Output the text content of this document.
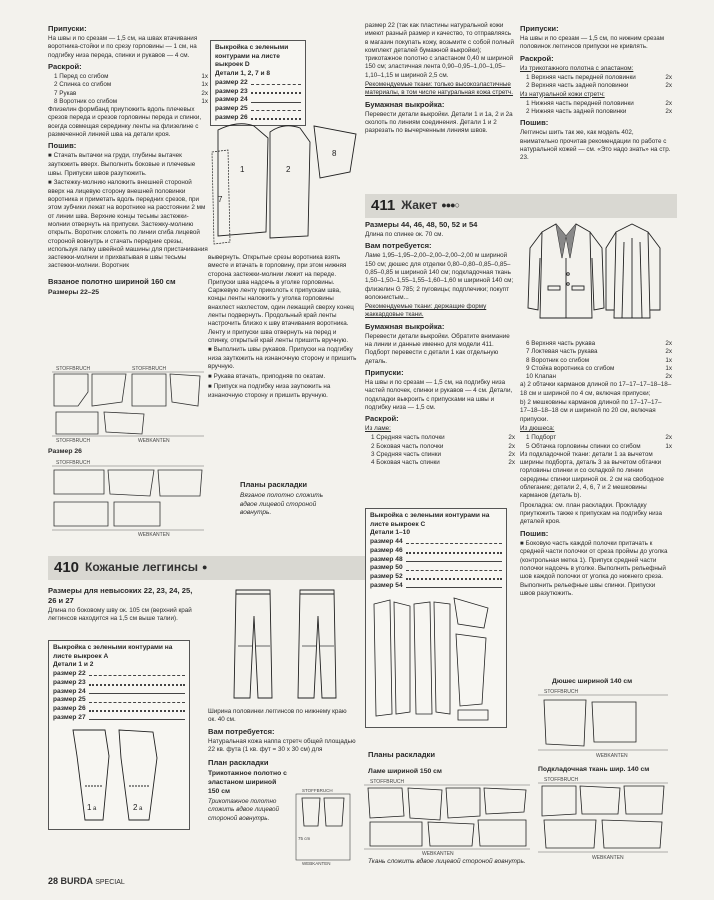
Припуски:
На швы и по срезам — 1,5 см, на швах втачивания воротника-стойки и по срезу горловины — 1 см, на подгибку низа переда, спинки и рукавов — 4 см.
Раскрой:
1 Перед со сгибом	1х
2 Спинка со сгибом	1х
7 Рукав	2х
8 Воротник со сгибом	1х
Флизелин формбанд приутюжить вдоль плечевых срезов переда и срезов горловины переда и спинки, всегда совмещая серединку ленты на флизелине с размеченной линией шва на детали кроя.
Пошив:
■ Стачать вытачки на груди, глубины вытачек заутюжить вверх. Выполнить боковые и плечевые швы. Припуски швов разутюжить.
■ Застежку-молнию наложить внешней стороной вверх на лицевую сторону внешней половинки воротника и приметать вдоль передних срезов, при этом зубчики лежат на воротнике на расстоянии 2 мм от линии шва. Верхние концы тесьмы застежки-молнии отвернуть на припуски. Застежку-молнию открыть. Воротник сложить по линии сгиба лицевой стороной вовнутрь и стачать передние срезы, используя лапку швейной машины для пристачивания застежки-молнии и прихватывая в швы тесьмы застежки-молнии. Воротник
Вязаное полотно шириной 160 см
Размеры 22–25
STOFFBRUCH	STOFFBRUCH
STOFFBRUCH	WEBKANTEN
Размер 26
STOFFBRUCH
WEBKANTEN
Выкройка с зелеными контурами на листе выкроек D
Детали 1, 2, 7 и 8
размер 22
размер 23
размер 24
размер 25
размер 26
1	2
8
7
вывернуть. Открытые срезы воротника взять вместе и втачать в горловину, при этом нижняя сторона застежки-молнии лежит на переде. Припуски шва надсечь в уголке горловины. Саржевую ленту приколоть к припускам шва, концы ленты наложить у уголка горловины внахлест нахлестом, один лежащий сверху конец ленты подвернуть. Продольный край ленты настрочить близко к шву втачивания воротника. Ленту и припуски шва отвернуть на перед и спинку, открытый край ленты пришить вручную.
■ Выполнить швы рукавов. Припуски на подгибку низа заутюжить на изнаночную сторону и пришить вручную.
■ Рукава втачать, приподняв по окатам.
■ Припуск на подгибку низа заутюжить на изнаночную сторону и пришить вручную.
Планы раскладки
Вязаное полотно сложить вдвое лицевой стороной вовнутрь.
размер 22 (так как пластины натуральной кожи имеют разный размер и качество, то отправляясь в магазин покупать кожу, возьмите с собой полный комплект деталей бумажной выкройки); трикотажное полотно с эластаном 0,40 м шириной 150 см; эластичная лента 0,90–0,95–1,00–1,05–1,10–1,15 м шириной 2,5 см.
Рекомендуемые ткани: только высокоэластичные материалы, в том числе натуральная кожа стретч.
Бумажная выкройка:
Перевести детали выкройки. Детали 1 и 1а, 2 и 2а сколоть по линиям соединения. Детали 1 и 2 разрезать по вычерченным линиям швов.
Припуски:
На швы и по срезам — 1,5 см, по нижним срезам половинок леггинсов припуски не кривлять.
Раскрой:
Из трикотажного полотна с эластаном:
1 Верхняя часть передней половинки	2х
2 Верхняя часть задней половинки	2х
Из натуральной кожи стретч:
1 Нижняя часть передней половинки	2х
2 Нижняя часть задней половинки	2х
Пошив:
Леггинсы шить так же, как модель 402, внимательно прочитав рекомендации по работе с натуральной кожей — см. «Это надо знать» на стр. 23.
411 Жакет ●●●○
Размеры 44, 46, 48, 50, 52 и 54
Длина по спинке ок. 70 см.
Вам потребуется:
Ламе 1,95–1,95–2,00–2,00–2,00–2,00 м шириной 150 см; дюшес для отделки 0,80–0,80–0,85–0,85–0,85–0,85 м шириной 140 см; подкладочная ткань 1,50–1,50–1,55–1,55–1,60–1,60 м шириной 140 см; флизелин G 785; 2 пуговицы; подплечики; покупт волокнистым...
Рекомендуемые ткани: держащие форму жаккардовые ткани.
Бумажная выкройка:
Перевести детали выкройки. Обратите внимание на линии и данные именно для модели 411. Подборт перевести с детали 1 как отдельную деталь.
Припуски:
На швы и по срезам — 1,5 см, на подгибку низа частей полочек, спинки и рукавов — 4 см. Детали, подкладки выкроить с припусками на швы и подгибку низа — 1,5 см.
Раскрой:
Из ламе:
1 Средняя часть полочки	2х
2 Боковая часть полочки	2х
3 Средняя часть спинки	2х
4 Боковая часть спинки	2х
6 Верхняя часть рукава	2х
7 Локтевая часть рукава	2х
8 Воротник со сгибом	1х
9 Стойка воротника со сгибом	1х
10 Клапан	2х
a) 2 обтачки карманов длиной по 17–17–17–18–18–18 см и шириной по 4 см, включая припуски;
b) 2 мешковины карманов длиной по 17–17–17–17–18–18–18 см и шириной по 20 см, включая припуски.
Из дюшеса:
1 Подборт	2х
5 Обтачка горловины спинки со сгибом	1х
Из подкладочной ткани: детали 1 за вычетом ширины подборта, деталь 3 за вычетом обтачки горловины спинки и со складкой по линии середины спинки шириной ок. 2 см на свободное облегание; детали 2, 4, 6, 7 и 2 мешковины карманов (деталь b).
Прокладка: см. план раскладки. Прокладку приутюжить также к припускам на подгибку низа деталей кроя.
Пошив:
■ Боковую часть каждой полочки притачать к средней части полочки от среза проймы до уголка (контрольная метка 1). Припуск средней части полочки надсечь в уголке. Выполнить рельефный шов каждой полочки от уголка до нижнего среза. Выполнить рельефные швы спинки. Припуски швов разутюжить.
410 Кожаные леггинсы ●
Размеры для невысоких 22, 23, 24, 25, 26 и 27
Длина по боковому шву ок. 105 см (верхний край леггинсов находится на 1,5 см выше талии).
Выкройка с зелеными контурами на листе выкроек А
Детали 1 и 2
размер 22
размер 23
размер 24
размер 25
размер 26
размер 27
1 a	2 a
Ширина половинки леггинсов по нижнему краю ок. 40 см.
Вам потребуется:
Натуральная кожа наппа стретч общей площадью 22 кв. фута (1 кв. фут = 30 х 30 см) для
План раскладки
Трикотажное полотно с эластаном шириной 150 см
Трикотажное полотно сложить вдвое лицевой стороной вовнутрь.
STOFFBRUCH
75 cm
WEBKANTEN
Выкройка с зелеными контурами на листе выкроек С
Детали 1–10
размер 44
размер 46
размер 48
размер 50
размер 52
размер 54
Планы раскладки
Ламе шириной 150 см
STOFFBRUCH
WEBKANTEN
Ткань сложить вдвое лицевой стороной вовнутрь.
Дюшес шириной 140 см
STOFFBRUCH
WEBKANTEN
Подкладочная ткань шир. 140 см
STOFFBRUCH
WEBKANTEN
28 BURDA SPECIAL
